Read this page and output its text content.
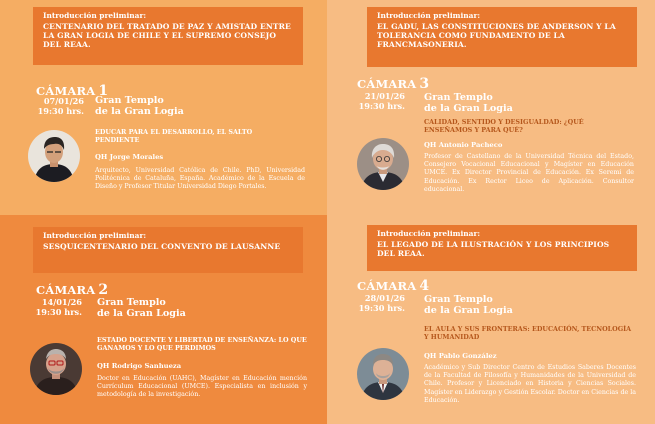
Introducción preliminar:
CENTENARIO DEL TRATADO DE PAZ Y AMISTAD ENTRE LA GRAN LOGIA DE CHILE Y EL SUPREMO CONSEJO DEL REAA.
CÁMARA 1
07/01/26
19:30 hrs.
Gran Templo
de la Gran Logia
EDUCAR PARA EL DESARROLLO, EL SALTO PENDIENTE
QH Jorge Morales
Arquitecto, Universidad Católica de Chile. PhD, Universidad Politécnica de Cataluña, España. Académico de la Escuela de Diseño y Profesor Titular Universidad Diego Portales.
Introducción preliminar:
EL GADU, LAS CONSTITUCIONES DE ANDERSON Y LA TOLERANCIA COMO FUNDAMENTO DE LA FRANCMASONERIA.
CÁMARA 3
21/01/26
19:30 hrs.
Gran Templo
de la Gran Logia
CALIDAD, SENTIDO Y DESIGUALDAD: ¿QUÉ ENSEÑAMOS Y PARA QUÉ?
QH Antonio Pacheco
Profesor de Castellano de la Universidad Técnica del Estado, Consejero Vocacional Educacional y Magíster en Educación UMCE. Ex Director Provincial de Educación. Ex Seremi de Educación. Ex Rector Liceo de Aplicación. Consultor educacional.
Introducción preliminar:
SESQUICENTENARIO DEL CONVENTO DE LAUSANNE
CÁMARA 2
14/01/26
19:30 hrs.
Gran Templo
de la Gran Logia
ESTADO DOCENTE Y LIBERTAD DE ENSEÑANZA: LO QUE GANAMOS Y LO QUE PERDIMOS
QH Rodrigo Sanhueza
Doctor en Educación (UAHC), Magíster en Educación mención Currículum Educacional (UMCE). Especialista en inclusión y metodología de la investigación.
Introducción preliminar:
EL LEGADO DE LA ILUSTRACIÓN Y LOS PRINCIPIOS DEL REAA.
CÁMARA 4
28/01/26
19:30 hrs.
Gran Templo
de la Gran Logia
EL AULA Y SUS FRONTERAS: EDUCACIÓN, TECNOLOGÍA Y HUMANIDAD
QH Pablo González
Académico y Sub Director Centro de Estudios Saberes Docentes de la Facultad de Filosofía y Humanidades de la Universidad de Chile. Profesor y Licenciado en Historia y Ciencias Sociales. Magíster en Liderazgo y Gestión Escolar. Doctor en Ciencias de la Educación.
